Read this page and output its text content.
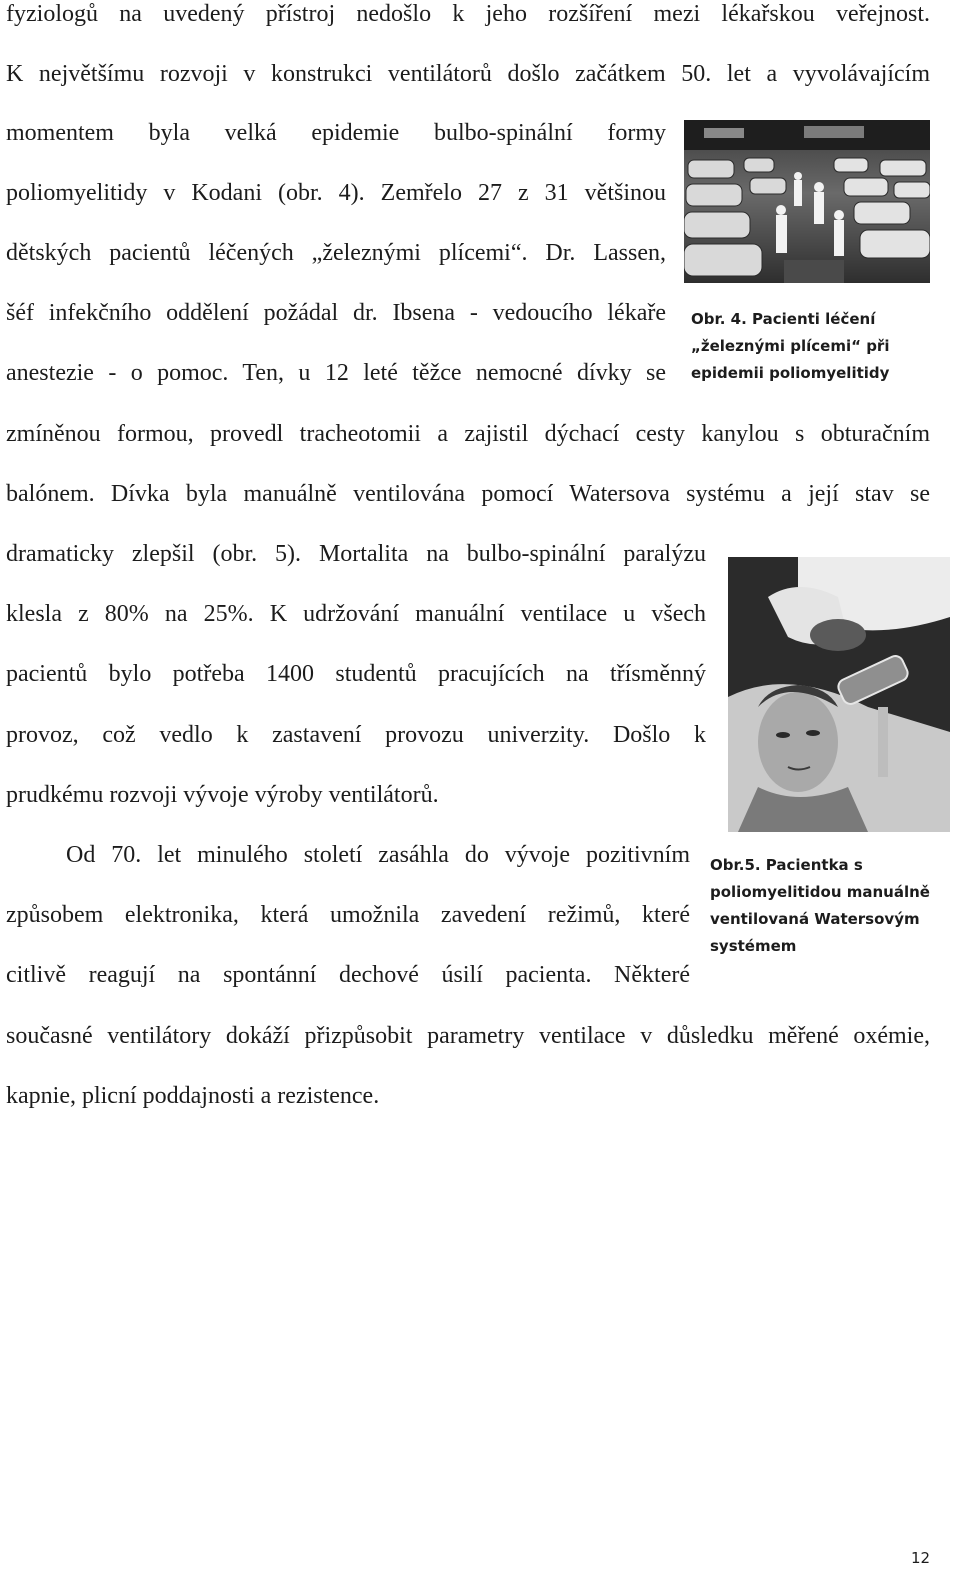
fyziologů na uvedený přístroj nedošlo k jeho rozšíření mezi lékařskou veřejnost.
K největšímu rozvoji v konstrukci ventilátorů došlo začátkem 50. let a vyvolávajícím
momentem byla velká epidemie bulbo-spinální formy
poliomyelitidy v Kodani (obr. 4). Zemřelo 27 z 31 většinou
dětských pacientů léčených „železnými plícemi“. Dr. Lassen,
šéf infekčního oddělení požádal dr. Ibsena - vedoucího lékaře
anestezie - o pomoc. Ten, u 12 leté těžce nemocné dívky se
zmíněnou formou, provedl tracheotomii a zajistil dýchací cesty kanylou s obturačním
balónem. Dívka byla manuálně ventilována pomocí Watersova systému a její stav se
dramaticky zlepšil (obr. 5). Mortalita na bulbo-spinální paralýzu
klesla z 80% na 25%. K udržování manuální ventilace u všech
pacientů bylo potřeba 1400 studentů pracujících na třísměnný
provoz, což vedlo k zastavení provozu univerzity. Došlo k
prudkému rozvoji vývoje výroby ventilátorů.
Od 70. let minulého století zasáhla do vývoje pozitivním
způsobem elektronika, která umožnila zavedení režimů, které
citlivě reagují na spontánní dechové úsilí pacienta. Některé
současné ventilátory dokáží přizpůsobit parametry ventilace v důsledku měřené oxémie,
kapnie, plicní poddajnosti a rezistence.
Obr. 4. Pacienti léčení
„železnými plícemi“ při
epidemii poliomyelitidy
Obr.5. Pacientka s
poliomyelitidou manuálně
ventilovaná Watersovým
systémem
12
